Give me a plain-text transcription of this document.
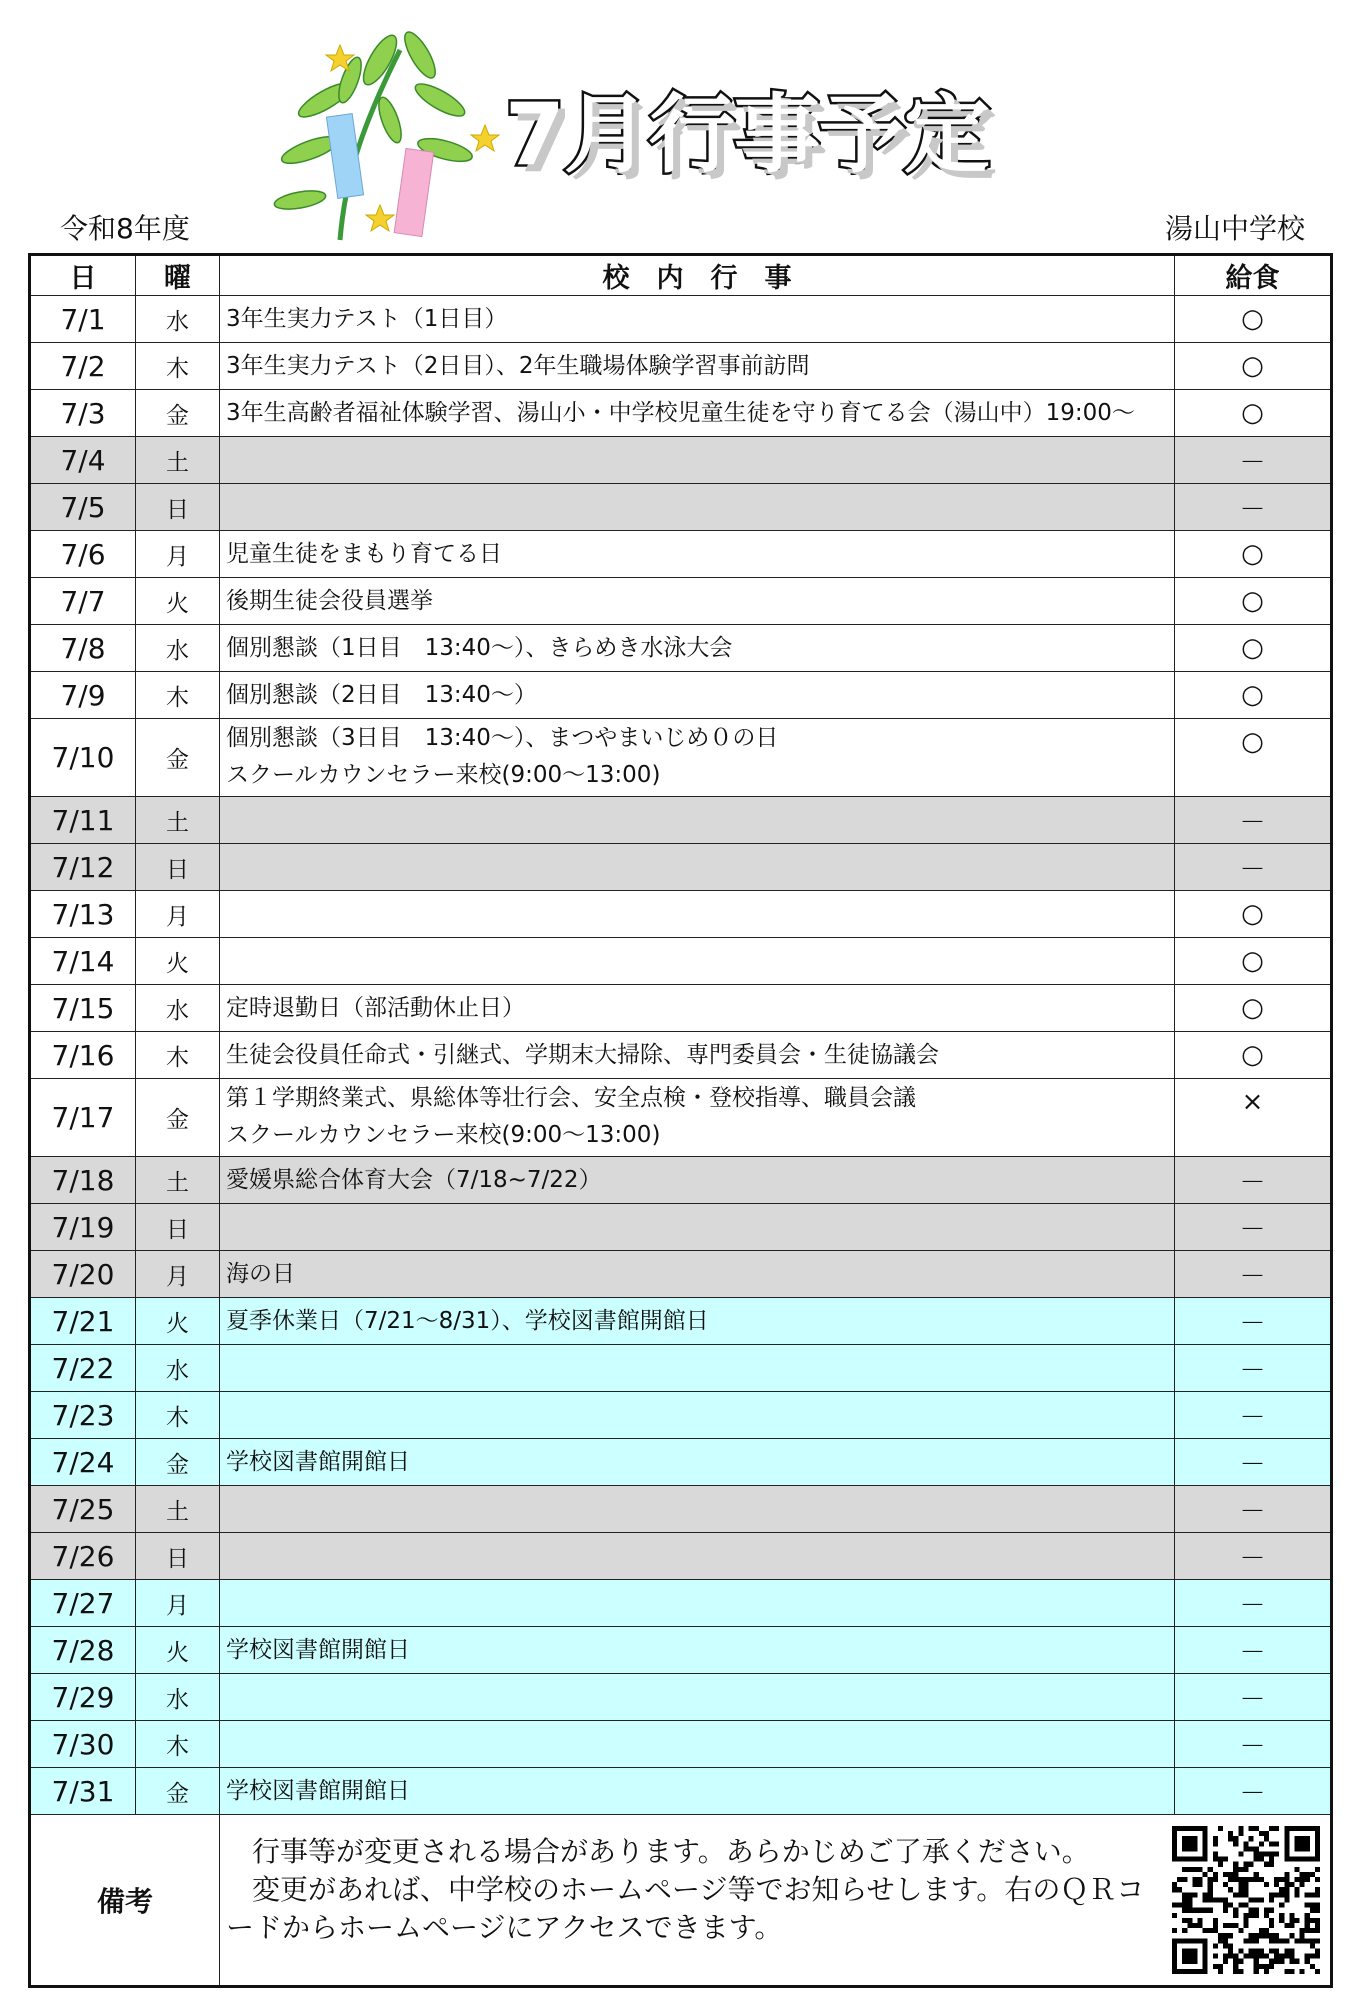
7月行事予定
令和8年度	湯山中学校
日	曜	校　内　行　事	給食
7/1	水	3年生実力テスト（1日目）	○
7/2	木	3年生実力テスト（2日目）、2年生職場体験学習事前訪問	○
7/3	金	3年生高齢者福祉体験学習、湯山小・中学校児童生徒を守り育てる会（湯山中）19:00～	○
7/4	土		－
7/5	日		－
7/6	月	児童生徒をまもり育てる日	○
7/7	火	後期生徒会役員選挙	○
7/8	水	個別懇談（1日目　13:40～）、きらめき水泳大会	○
7/9	木	個別懇談（2日目　13:40～）	○
7/10	金	個別懇談（3日目　13:40～）、まつやまいじめ０の日
スクールカウンセラー来校(9:00～13:00)	○
7/11	土		－
7/12	日		－
7/13	月		○
7/14	火		○
7/15	水	定時退勤日（部活動休止日）	○
7/16	木	生徒会役員任命式・引継式、学期末大掃除、専門委員会・生徒協議会	○
7/17	金	第１学期終業式、県総体等壮行会、安全点検・登校指導、職員会議
スクールカウンセラー来校(9:00～13:00)	×
7/18	土	愛媛県総合体育大会（7/18~7/22）	－
7/19	日		－
7/20	月	海の日	－
7/21	火	夏季休業日（7/21～8/31）、学校図書館開館日	－
7/22	水		－
7/23	木		－
7/24	金	学校図書館開館日	－
7/25	土		－
7/26	日		－
7/27	月		－
7/28	火	学校図書館開館日	－
7/29	水		－
7/30	木		－
7/31	金	学校図書館開館日	－
備考		行事等が変更される場合があります。あらかじめご了承ください。
変更があれば、中学校のホームページ等でお知らせします。右のＱＲコードからホームページにアクセスできます。	
